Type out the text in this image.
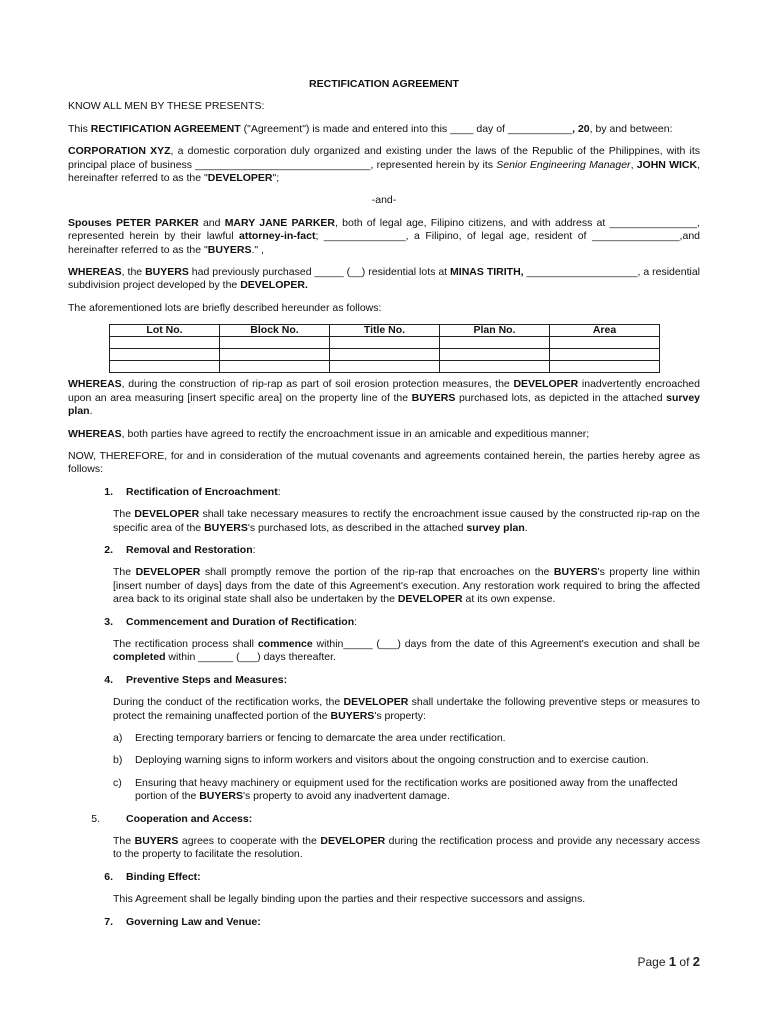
RECTIFICATION AGREEMENT

KNOW ALL MEN BY THESE PRESENTS:

This RECTIFICATION AGREEMENT ("Agreement") is made and entered into this ____ day of ___________, 20, by and between:

CORPORATION XYZ, a domestic corporation duly organized and existing under the laws of the Republic of the Philippines, with its principal place of business ______________________________, represented herein by its Senior Engineering Manager, JOHN WICK, hereinafter referred to as the "DEVELOPER";

-and-

Spouses PETER PARKER and MARY JANE PARKER, both of legal age, Filipino citizens, and with address at _______________, represented herein by their lawful attorney-in-fact; ______________, a Filipino, of legal age, resident of _______________,and hereinafter referred to as the "BUYERS." ,

WHEREAS, the BUYERS had previously purchased _____ (__) residential lots at MINAS TIRITH, ___________________, a residential subdivision project developed by the DEVELOPER.

The aforementioned lots are briefly described hereunder as follows:

Lot No.	Block No.	Title No.	Plan No.	Area

WHEREAS, during the construction of rip-rap as part of soil erosion protection measures, the DEVELOPER inadvertently encroached upon an area measuring [insert specific area] on the property line of the BUYERS purchased lots, as depicted in the attached survey plan.

WHEREAS, both parties have agreed to rectify the encroachment issue in an amicable and expeditious manner;

NOW, THEREFORE, for and in consideration of the mutual covenants and agreements contained herein, the parties hereby agree as follows:

1. Rectification of Encroachment:

The DEVELOPER shall take necessary measures to rectify the encroachment issue caused by the constructed rip-rap on the specific area of the BUYERS's purchased lots, as described in the attached survey plan.

2. Removal and Restoration:

The DEVELOPER shall promptly remove the portion of the rip-rap that encroaches on the BUYERS's property line within [insert number of days] days from the date of this Agreement's execution. Any restoration work required to bring the affected area back to its original state shall also be undertaken by the DEVELOPER at its own expense.

3. Commencement and Duration of Rectification:

The rectification process shall commence within_____ (___) days from the date of this Agreement's execution and shall be completed within ______ (___) days thereafter.

4. Preventive Steps and Measures:

During the conduct of the rectification works, the DEVELOPER shall undertake the following preventive steps or measures to protect the remaining unaffected portion of the BUYERS's property:

a)	Erecting temporary barriers or fencing to demarcate the area under rectification.
b)	Deploying warning signs to inform workers and visitors about the ongoing construction and to exercise caution.
c)	Ensuring that heavy machinery or equipment used for the rectification works are positioned away from the unaffected portion of the BUYERS's property to avoid any inadvertent damage.
5.	Cooperation and Access:

The BUYERS agrees to cooperate with the DEVELOPER during the rectification process and provide any necessary access to the property to facilitate the resolution.

6. Binding Effect:

This Agreement shall be legally binding upon the parties and their respective successors and assigns.

7. Governing Law and Venue:
Page 1 of 2
